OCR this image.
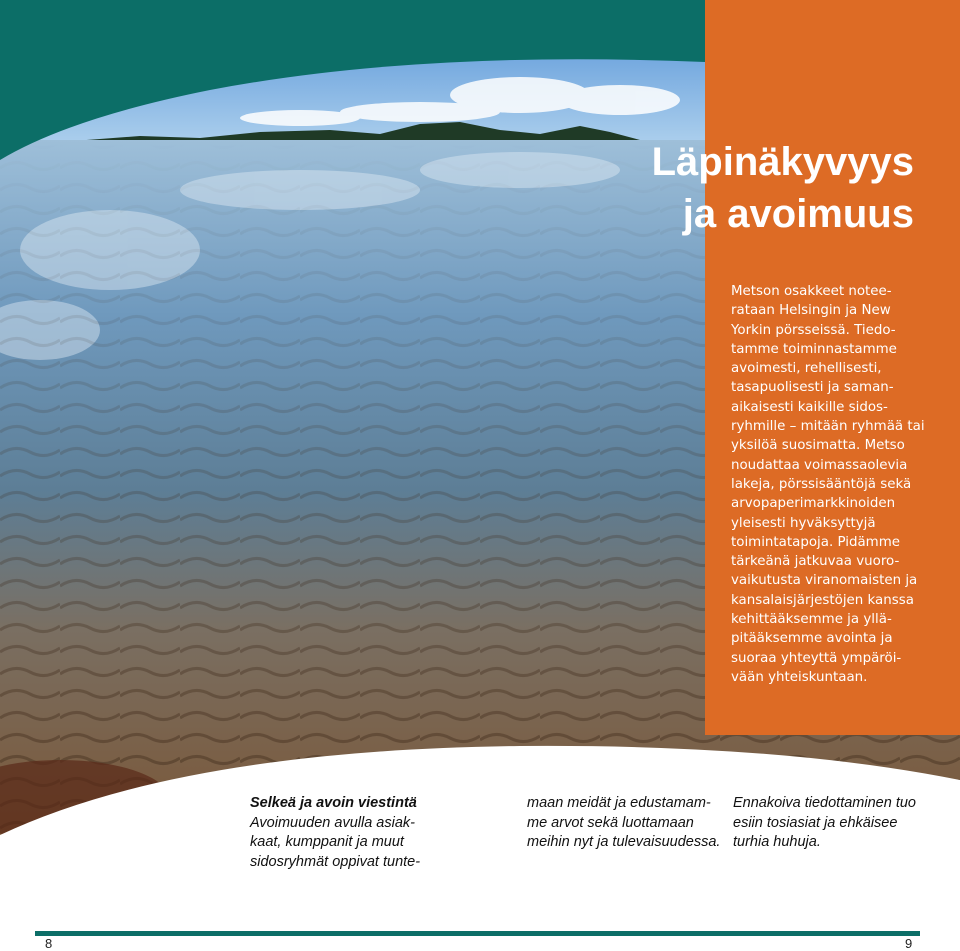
Läpinäkyvyys
ja avoimuus
Metson osakkeet notee-
rataan Helsingin ja New
Yorkin pörsseissä. Tiedo-
tamme toiminnastamme
avoimesti, rehellisesti,
tasapuolisesti ja saman-
aikaisesti kaikille sidos-
ryhmille – mitään ryhmää tai
yksilöä suosimatta. Metso
noudattaa voimassaolevia
lakeja, pörssisääntöjä sekä
arvopaperimarkkinoiden
yleisesti hyväksyttyjä
toimintatapoja. Pidämme
tärkeänä jatkuvaa vuoro-
vaikutusta viranomaisten ja
kansalaisjärjestöjen kanssa
kehittääksemme ja yllä-
pitääksemme avointa ja
suoraa yhteyttä ympäröi-
vään yhteiskuntaan.
Selkeä ja avoin viestintä
Avoimuuden avulla asiak-
kaat, kumppanit ja muut
sidosryhmät oppivat tunte-
maan meidät ja edustamam-
me arvot sekä luottamaan
meihin nyt ja tulevaisuudessa.
Ennakoiva tiedottaminen tuo
esiin tosiasiat ja ehkäisee
turhia huhuja.
8	9
